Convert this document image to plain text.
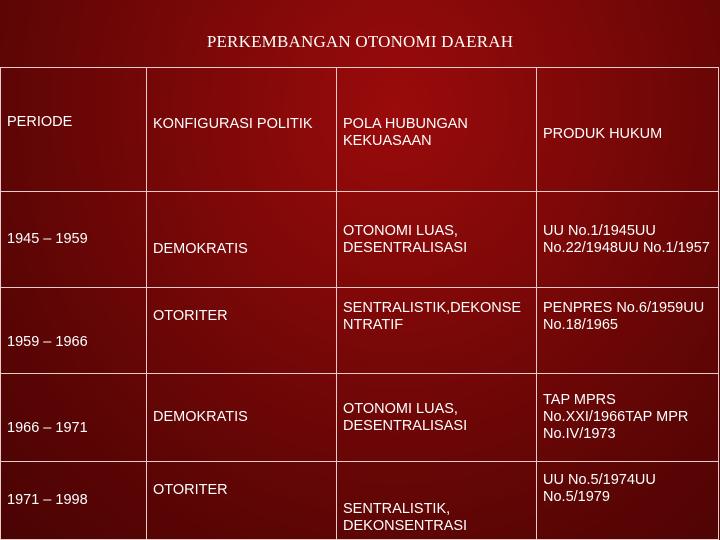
PERKEMBANGAN OTONOMI DAERAH
PERIODE	KONFIGURASI POLITIK	POLA HUBUNGAN KEKUASAAN	PRODUK HUKUM
1945 – 1959	DEMOKRATIS	OTONOMI LUAS, DESENTRALISASI	UU No.1/1945UU No.22/1948UU No.1/1957
1959 – 1966	OTORITER	SENTRALISTIK,DEKONSENTRATIF	PENPRES No.6/1959UU No.18/1965
1966 – 1971	DEMOKRATIS	OTONOMI LUAS, DESENTRALISASI	TAP MPRS No.XXI/1966TAP MPR No.IV/1973
1971 – 1998	OTORITER	SENTRALISTIK, DEKONSENTRASI	UU No.5/1974UU No.5/1979
